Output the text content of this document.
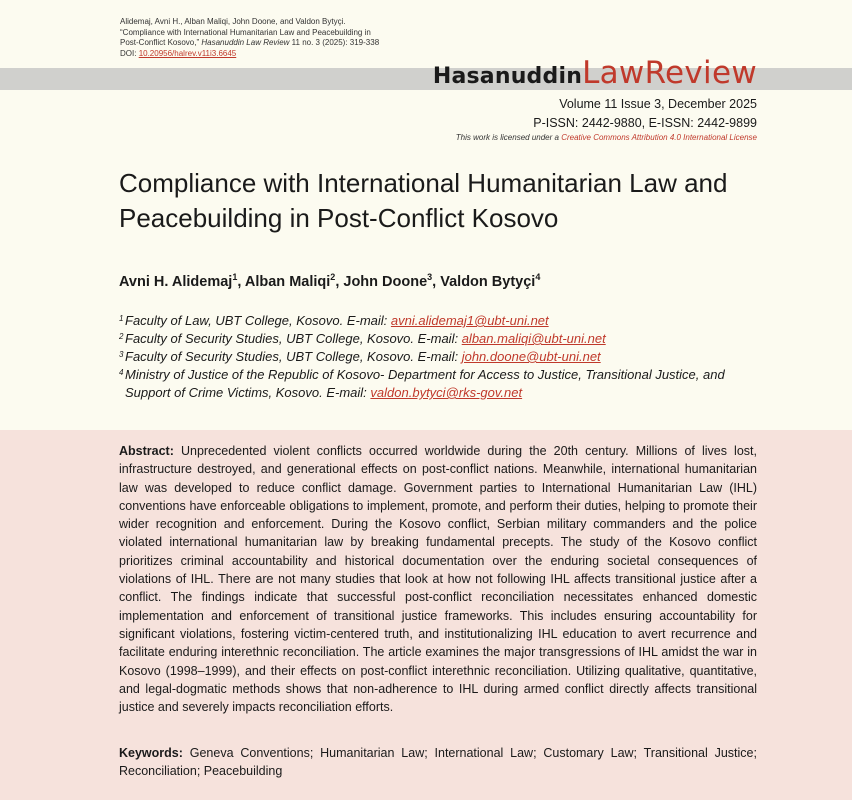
Alidemaj, Avni H., Alban Maliqi, John Doone, and Valdon Bytyçi.
“Compliance with International Humanitarian Law and Peacebuilding in
Post-Conflict Kosovo,” Hasanuddin Law Review 11 no. 3 (2025): 319-338
DOI: 10.20956/halrev.v11i3.6645
HasanuddinLawReview
Volume 11 Issue 3, December 2025
P-ISSN: 2442-9880, E-ISSN: 2442-9899
This work is licensed under a Creative Commons Attribution 4.0 International License
Compliance with International Humanitarian Law and Peacebuilding in Post-Conflict Kosovo
Avni H. Alidemaj$^1$, Alban Maliqi$^2$, John Doone$^3$, Valdon Bytyçi$^4$
1 Faculty of Law, UBT College, Kosovo. E-mail: avni.alidemaj1@ubt-uni.net
2 Faculty of Security Studies, UBT College, Kosovo. E-mail: alban.maliqi@ubt-uni.net
3 Faculty of Security Studies, UBT College, Kosovo. E-mail: john.doone@ubt-uni.net
4 Ministry of Justice of the Republic of Kosovo- Department for Access to Justice, Transitional Justice, and
Support of Crime Victims, Kosovo. E-mail: valdon.bytyci@rks-gov.net
Abstract: Unprecedented violent conflicts occurred worldwide during the 20th century. Millions of lives lost, infrastructure destroyed, and generational effects on post-conflict nations. Meanwhile, international humanitarian law was developed to reduce conflict damage. Government parties to International Humanitarian Law (IHL) conventions have enforceable obligations to implement, promote, and perform their duties, helping to promote their wider recognition and enforcement. During the Kosovo conflict, Serbian military commanders and the police violated international humanitarian law by breaking fundamental precepts. The study of the Kosovo conflict prioritizes criminal accountability and historical documentation over the enduring societal consequences of violations of IHL. There are not many studies that look at how not following IHL affects transitional justice after a conflict. The findings indicate that successful post-conflict reconciliation necessitates enhanced domestic implementation and enforcement of transitional justice frameworks. This includes ensuring accountability for significant violations, fostering victim-centered truth, and institutionalizing IHL education to avert recurrence and facilitate enduring interethnic reconciliation. The article examines the major transgressions of IHL amidst the war in Kosovo (1998–1999), and their effects on post-conflict interethnic reconciliation. Utilizing qualitative, quantitative, and legal-dogmatic methods shows that non-adherence to IHL during armed conflict directly affects transitional justice and severely impacts reconciliation efforts.
Keywords: Geneva Conventions; Humanitarian Law; International Law; Customary Law; Transitional Justice; Reconciliation; Peacebuilding
